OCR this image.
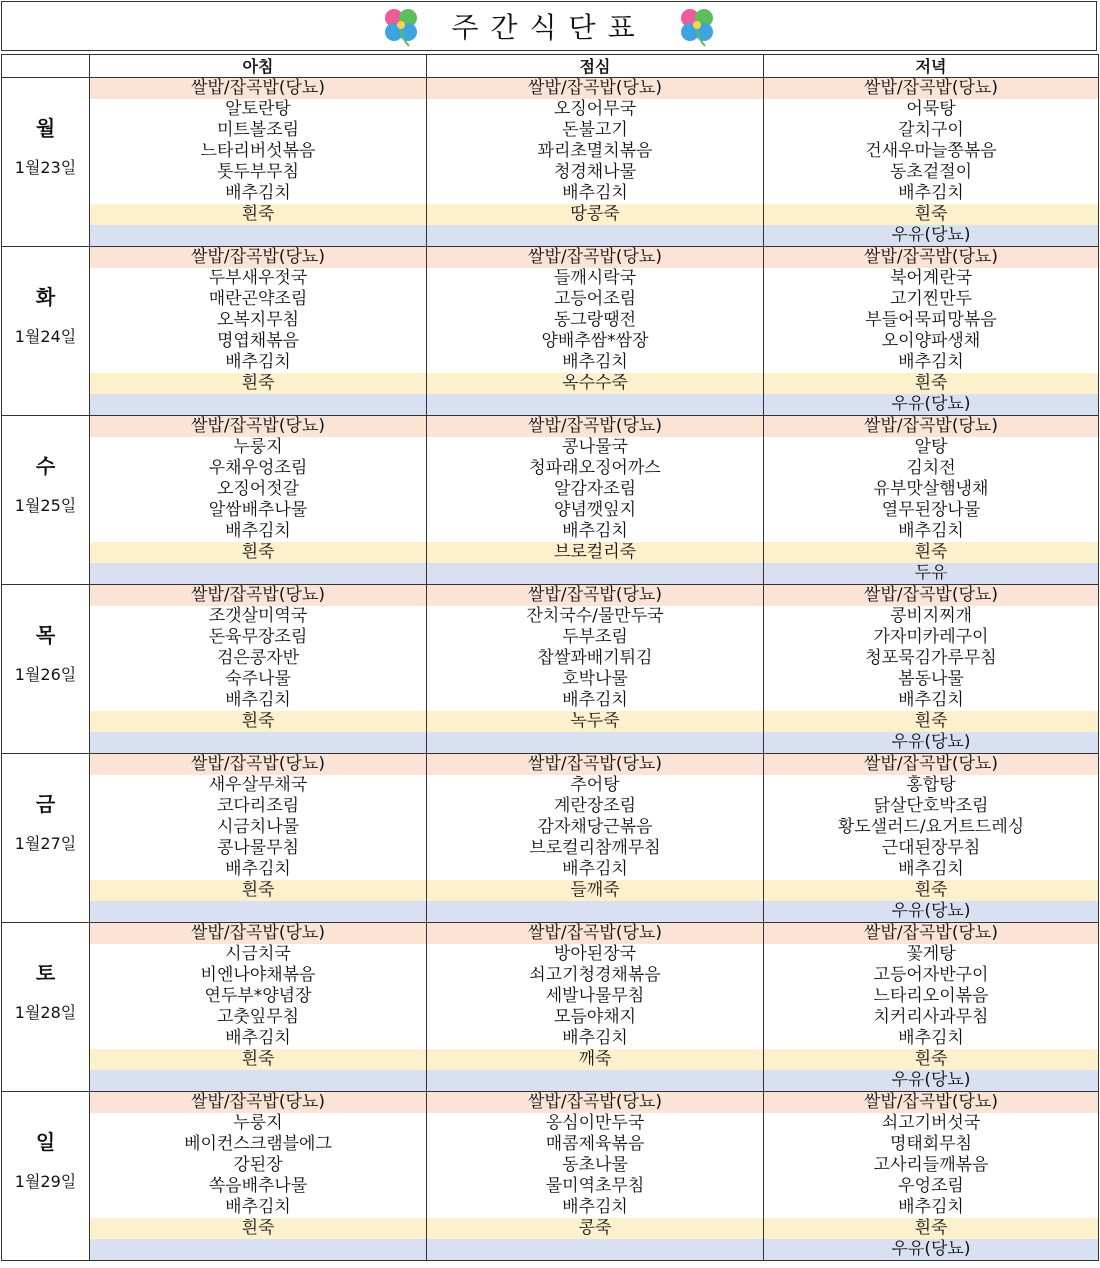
주간식단표
	아침	점심	저녁

월
1월23일	쌀밥/잡곡밥(당뇨)	쌀밥/잡곡밥(당뇨)	쌀밥/잡곡밥(당뇨)
	알토란탕	오징어무국	어묵탕
	미트볼조림	돈불고기	갈치구이
	느타리버섯볶음	꽈리초멸치볶음	건새우마늘쫑볶음
	톳두부무침	청경채나물	동초겉절이
	배추김치	배추김치	배추김치
	흰죽	땅콩죽	흰죽
			우유(당뇨)

화
1월24일	쌀밥/잡곡밥(당뇨)	쌀밥/잡곡밥(당뇨)	쌀밥/잡곡밥(당뇨)
	두부새우젓국	들깨시락국	북어계란국
	매란곤약조림	고등어조림	고기찐만두
	오복지무침	동그랑땡전	부들어묵피망볶음
	명엽채볶음	양배추쌈*쌈장	오이양파생채
	배추김치	배추김치	배추김치
	흰죽	옥수수죽	흰죽
			우유(당뇨)

수
1월25일	쌀밥/잡곡밥(당뇨)	쌀밥/잡곡밥(당뇨)	쌀밥/잡곡밥(당뇨)
	누룽지	콩나물국	알탕
	우채우엉조림	청파래오징어까스	김치전
	오징어젓갈	알감자조림	유부맛살햄냉채
	알쌈배추나물	양념깻잎지	열무된장나물
	배추김치	배추김치	배추김치
	흰죽	브로컬리죽	흰죽
			두유

목
1월26일	쌀밥/잡곡밥(당뇨)	쌀밥/잡곡밥(당뇨)	쌀밥/잡곡밥(당뇨)
	조갯살미역국	잔치국수/물만두국	콩비지찌개
	돈육무장조림	두부조림	가자미카레구이
	검은콩자반	찹쌀꽈배기튀김	청포묵김가루무침
	숙주나물	호박나물	봄동나물
	배추김치	배추김치	배추김치
	흰죽	녹두죽	흰죽
			우유(당뇨)

금
1월27일	쌀밥/잡곡밥(당뇨)	쌀밥/잡곡밥(당뇨)	쌀밥/잡곡밥(당뇨)
	새우살무채국	추어탕	홍합탕
	코다리조림	계란장조림	닭살단호박조림
	시금치나물	감자채당근볶음	황도샐러드/요거트드레싱
	콩나물무침	브로컬리참깨무침	근대된장무침
	배추김치	배추김치	배추김치
	흰죽	들깨죽	흰죽
			우유(당뇨)

토
1월28일	쌀밥/잡곡밥(당뇨)	쌀밥/잡곡밥(당뇨)	쌀밥/잡곡밥(당뇨)
	시금치국	방아된장국	꽃게탕
	비엔나야채볶음	쇠고기청경채볶음	고등어자반구이
	연두부*양념장	세발나물무침	느타리오이볶음
	고춧잎무침	모듬야채지	치커리사과무침
	배추김치	배추김치	배추김치
	흰죽	깨죽	흰죽
			우유(당뇨)

일
1월29일	쌀밥/잡곡밥(당뇨)	쌀밥/잡곡밥(당뇨)	쌀밥/잡곡밥(당뇨)
	누룽지	옹심이만두국	쇠고기버섯국
	베이컨스크램블에그	매콤제육볶음	명태회무침
	강된장	동초나물	고사리들깨볶음
	쏙음배추나물	물미역초무침	우엉조림
	배추김치	배추김치	배추김치
	흰죽	콩죽	흰죽
			우유(당뇨)
